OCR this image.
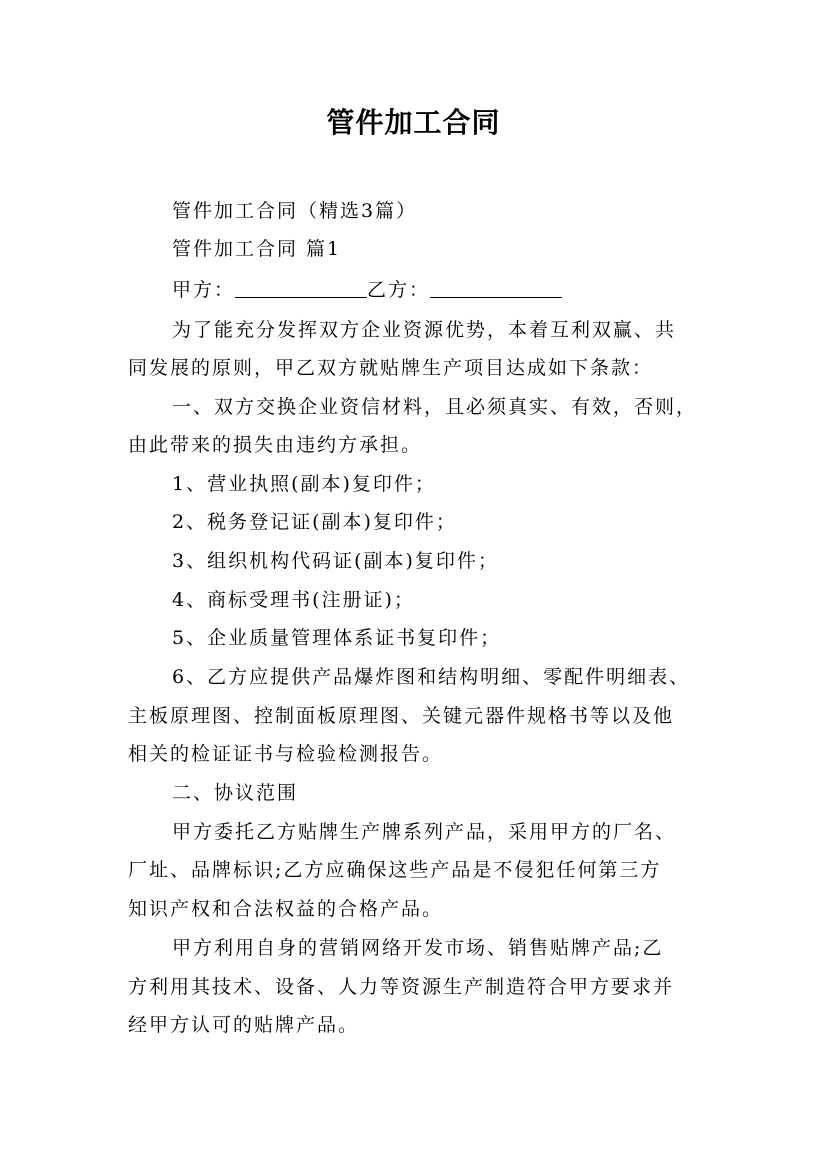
管件加工合同
管件加工合同（精选3篇）
管件加工合同 篇1
甲方：	乙方：
为了能充分发挥双方企业资源优势，本着互利双赢、共
同发展的原则，甲乙双方就贴牌生产项目达成如下条款：
一、双方交换企业资信材料，且必须真实、有效，否则，
由此带来的损失由违约方承担。
1、营业执照(副本)复印件；
2、税务登记证(副本)复印件；
3、组织机构代码证(副本)复印件；
4、商标受理书(注册证)；
5、企业质量管理体系证书复印件；
6、乙方应提供产品爆炸图和结构明细、零配件明细表、
主板原理图、控制面板原理图、关键元器件规格书等以及他
相关的检证证书与检验检测报告。
二、协议范围
甲方委托乙方贴牌生产牌系列产品，采用甲方的厂名、
厂址、品牌标识;乙方应确保这些产品是不侵犯任何第三方
知识产权和合法权益的合格产品。
甲方利用自身的营销网络开发市场、销售贴牌产品;乙
方利用其技术、设备、人力等资源生产制造符合甲方要求并
经甲方认可的贴牌产品。
